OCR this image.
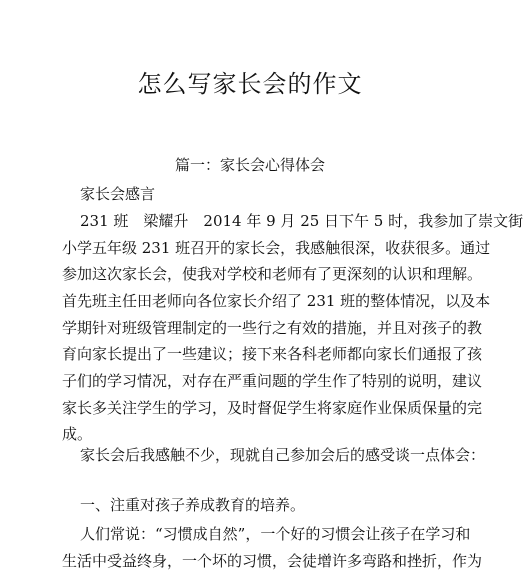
怎么写家长会的作文
篇一：家长会心得体会
家长会感言
231 班　梁耀升　2014 年 9 月 25 日下午 5 时，我参加了崇文街
小学五年级 231 班召开的家长会，我感触很深，收获很多。通过
参加这次家长会，使我对学校和老师有了更深刻的认识和理解。
首先班主任田老师向各位家长介绍了 231 班的整体情况，以及本
学期针对班级管理制定的一些行之有效的措施，并且对孩子的教
育向家长提出了一些建议；接下来各科老师都向家长们通报了孩
子们的学习情况，对存在严重问题的学生作了特别的说明，建议
家长多关注学生的学习，及时督促学生将家庭作业保质保量的完
成。
家长会后我感触不少，现就自己参加会后的感受谈一点体会：
一、注重对孩子养成教育的培养。
人们常说：“习惯成自然”，一个好的习惯会让孩子在学习和
生活中受益终身，一个坏的习惯，会徒增许多弯路和挫折，作为
